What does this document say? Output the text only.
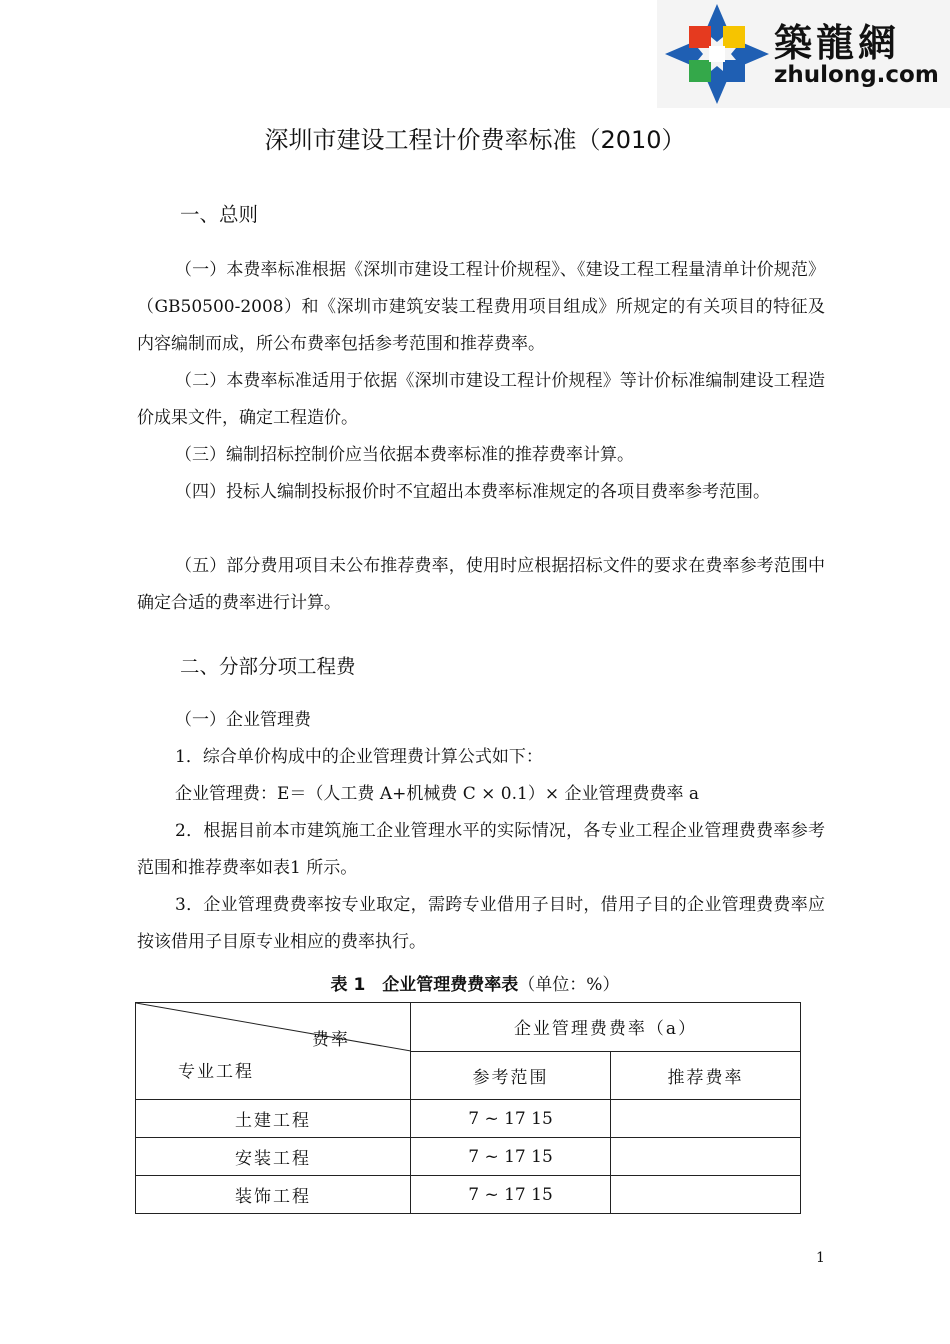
築龍網
zhulong.com
深圳市建设工程计价费率标准（2010）
一、总则
（一）本费率标准根据《深圳市建设工程计价规程》、《建设工程工程量清单计价规范》（GB50500-2008）和《深圳市建筑安装工程费用项目组成》所规定的有关项目的特征及内容编制而成，所公布费率包括参考范围和推荐费率。
（二）本费率标准适用于依据《深圳市建设工程计价规程》等计价标准编制建设工程造价成果文件，确定工程造价。
（三）编制招标控制价应当依据本费率标准的推荐费率计算。
（四）投标人编制投标报价时不宜超出本费率标准规定的各项目费率参考范围。
（五）部分费用项目未公布推荐费率，使用时应根据招标文件的要求在费率参考范围中确定合适的费率进行计算。
二、分部分项工程费
（一）企业管理费
1．综合单价构成中的企业管理费计算公式如下：
企业管理费：E＝（人工费 A+机械费 C × 0.1）× 企业管理费费率 a
2．根据目前本市建筑施工企业管理水平的实际情况，各专业工程企业管理费费率参考范围和推荐费率如表1 所示。
3．企业管理费费率按专业取定，需跨专业借用子目时，借用子目的企业管理费费率应按该借用子目原专业相应的费率执行。
表 1　企业管理费费率表（单位：%）
费率
专业工程	企业管理费费率（a）	
	参考范围	推荐费率
土建工程	7 ~ 17 15	
安装工程	7 ~ 17 15	
装饰工程	7 ~ 17 15	
1
